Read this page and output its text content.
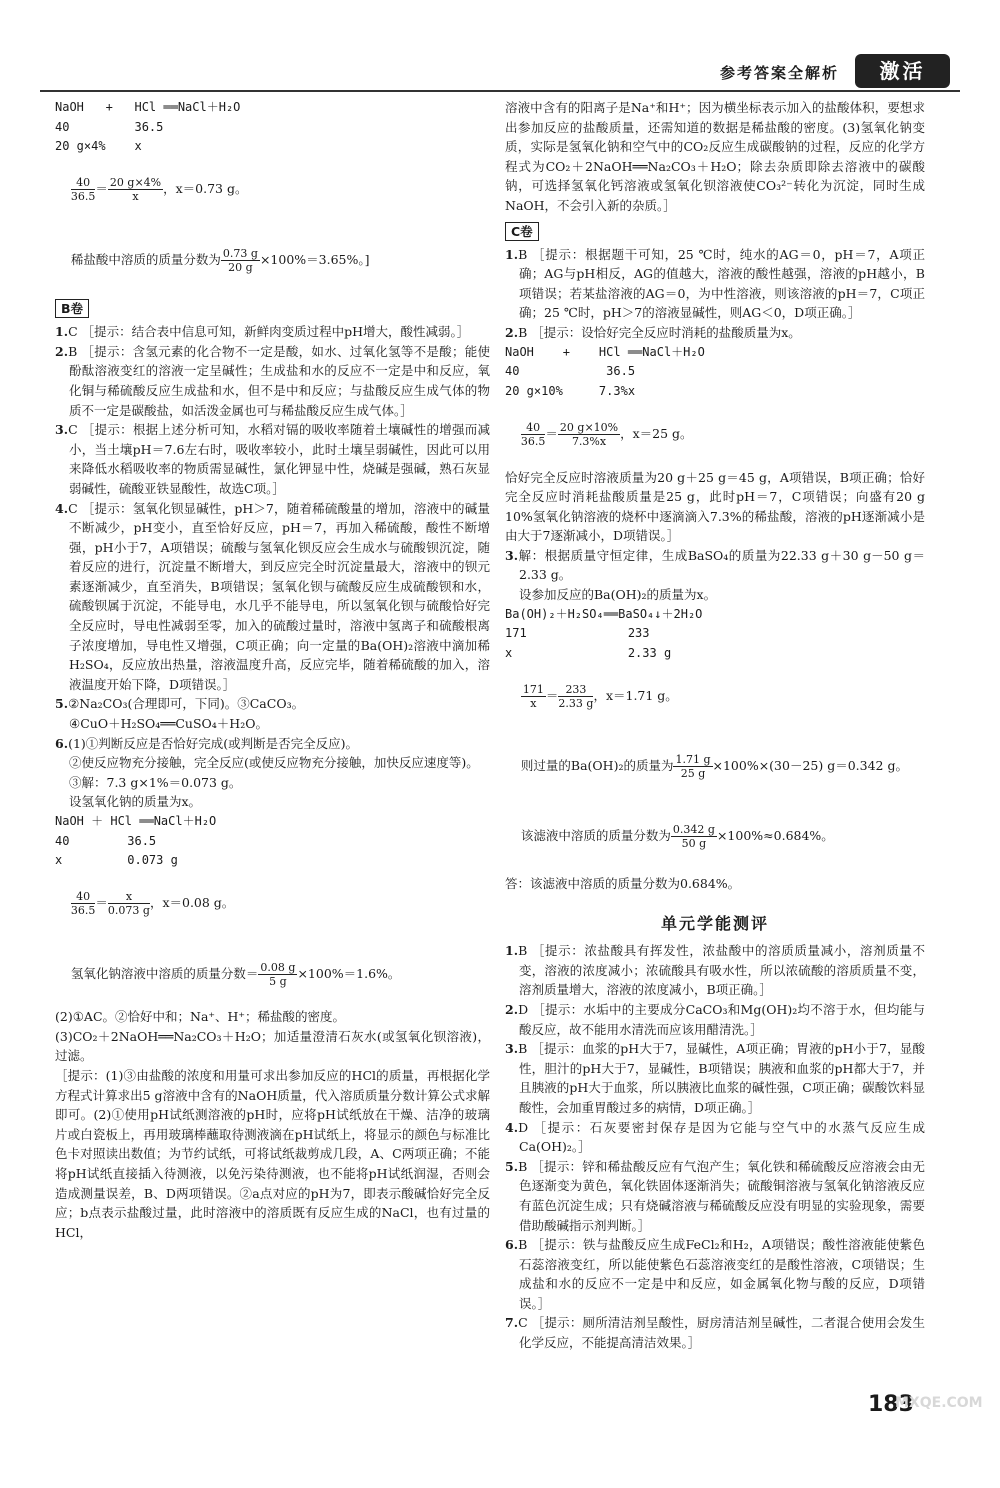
参考答案全解析	激活

NaOH   +   HCl ══NaCl＋H₂O

40         36.5

20 g×4%    x

$\frac{40}{36.5} = \frac{20 g\times 4\%}{x}$ ，x＝0.73 g。

稀盐酸中溶质的质量分数为 $\frac{0.73 g}{20 g} \times 100\%=3.65\%$。]

B卷

1.C ［提示：结合表中信息可知，新鲜肉变质过程中pH增大，酸性减弱。］

2.B ［提示：含氢元素的化合物不一定是酸，如水、过氧化氢等不是酸；能使酚酞溶液变红的溶液一定呈碱性；生成盐和水的反应不一定是中和反应，氧化铜与稀硫酸反应生成盐和水，但不是中和反应；与盐酸反应生成气体的物质不一定是碳酸盐，如活泼金属也可与稀盐酸反应生成气体。］

3.C ［提示：根据上述分析可知，水稻对镉的吸收率随着土壤碱性的增强而减小，当土壤pH＝7.6左右时，吸收率较小，此时土壤呈弱碱性，因此可以用来降低水稻吸收率的物质需显碱性，氯化钾显中性，烧碱是强碱，熟石灰显弱碱性，硫酸亚铁显酸性，故选C项。］

4.C ［提示：氢氧化钡显碱性，pH＞7，随着稀硫酸量的增加，溶液中的碱量不断减少，pH变小，直至恰好反应，pH＝7，再加入稀硫酸，酸性不断增强，pH小于7，A项错误；硫酸与氢氧化钡反应会生成水与硫酸钡沉淀，随着反应的进行，沉淀量不断增大，到反应完全时沉淀量最大，溶液中的钡元素逐渐减少，直至消失，B项错误；氢氧化钡与硫酸反应生成硫酸钡和水，硫酸钡属于沉淀，不能导电，水几乎不能导电，所以氢氧化钡与硫酸恰好完全反应时，导电性减弱至零，加入的硫酸过量时，溶液中氢离子和硫酸根离子浓度增加，导电性又增强，C项正确；向一定量的Ba(OH)₂溶液中滴加稀H₂SO₄，反应放出热量，溶液温度升高，反应完毕，随着稀硫酸的加入，溶液温度开始下降，D项错误。］

5.②Na₂CO₃(合理即可，下同)。③CaCO₃。
④CuO＋H₂SO₄══CuSO₄＋H₂O。

6.(1)①判断反应是否恰好完成(或判断是否完全反应)。
②使反应物充分接触，完全反应(或使反应物充分接触，加快反应速度等)。
③解：7.3 g×1%＝0.073 g。
设氢氧化钠的质量为x。

NaOH ＋ HCl ══NaCl＋H₂O

40        36.5

x         0.073 g

$\frac{40}{36.5} = \frac{x}{0.073 g}$ ，x＝0.08 g。

氢氧化钠溶液中溶质的质量分数＝ $\frac{0.08 g}{5 g} \times 100\%=1.6\%$。

(2)①AC。②恰好中和；Na⁺、H⁺；稀盐酸的密度。
(3)CO₂＋2NaOH══Na₂CO₃＋H₂O；加适量澄清石灰水(或氢氧化钡溶液)，过滤。
［提示：(1)③由盐酸的浓度和用量可求出参加反应的HCl的质量，再根据化学方程式计算求出5 g溶液中含有的NaOH质量，代入溶质质量分数计算公式求解即可。(2)①使用pH试纸测溶液的pH时，应将pH试纸放在干燥、洁净的玻璃片或白瓷板上，再用玻璃棒蘸取待测液滴在pH试纸上，将显示的颜色与标准比色卡对照读出数值；为节约试纸，可将试纸裁剪成几段，A、C两项正确；不能将pH试纸直接插入待测液，以免污染待测液，也不能将pH试纸润湿，否则会造成测量误差，B、D两项错误。②a点对应的pH为7，即表示酸碱恰好完全反应；b点表示盐酸过量，此时溶液中的溶质既有反应生成的NaCl，也有过量的HCl，

溶液中含有的阳离子是Na⁺和H⁺；因为横坐标表示加入的盐酸体积，要想求出参加反应的盐酸质量，还需知道的数据是稀盐酸的密度。(3)氢氧化钠变质，实际是氢氧化钠和空气中的CO₂反应生成碳酸钠的过程，反应的化学方程式为CO₂＋2NaOH══Na₂CO₃＋H₂O；除去杂质即除去溶液中的碳酸钠，可选择氢氧化钙溶液或氢氧化钡溶液使CO₃²⁻转化为沉淀，同时生成NaOH，不会引入新的杂质。］

C卷

1.B ［提示：根据题干可知，25 ℃时，纯水的AG＝0，pH＝7，A项正确；AG与pH相反，AG的值越大，溶液的酸性越强，溶液的pH越小，B项错误；若某盐溶液的AG＝0，为中性溶液，则该溶液的pH＝7，C项正确；25 ℃时，pH＞7的溶液显碱性，则AG＜0，D项正确。］

2.B ［提示：设恰好完全反应时消耗的盐酸质量为x。

NaOH    +    HCl ══NaCl＋H₂O

40            36.5

20 g×10%     7.3%x

$\frac{40}{36.5} = \frac{20 g\times 10\%}{7.3\%x}$ ，x＝25 g。

恰好完全反应时溶液质量为20 g＋25 g＝45 g，A项错误，B项正确；恰好完全反应时消耗盐酸质量是25 g，此时pH＝7，C项错误；向盛有20 g 10%氢氧化钠溶液的烧杯中逐滴滴入7.3%的稀盐酸，溶液的pH逐渐减小是由大于7逐渐减小，D项错误。］

3.解：根据质量守恒定律，生成BaSO₄的质量为22.33 g＋30 g－50 g＝2.33 g。
设参加反应的Ba(OH)₂的质量为x。

Ba(OH)₂＋H₂SO₄══BaSO₄↓＋2H₂O

171              233

x                2.33 g

$\frac{171}{x} = \frac{233}{2.33 g}$ ，x＝1.71 g。

则过量的Ba(OH)₂的质量为 $\frac{1.71 g}{25 g} \times 100\%\times(30-25)$ g＝0.342 g。

该滤液中溶质的质量分数为 $\frac{0.342 g}{50 g} \times 100\%\approx 0.684\%$。

答：该滤液中溶质的质量分数为0.684%。

单元学能测评

1.B ［提示：浓盐酸具有挥发性，浓盐酸中的溶质质量减小，溶剂质量不变，溶液的浓度减小；浓硫酸具有吸水性，所以浓硫酸的溶质质量不变，溶剂质量增大，溶液的浓度减小，B项正确。］

2.D ［提示：水垢中的主要成分CaCO₃和Mg(OH)₂均不溶于水，但均能与酸反应，故不能用水清洗而应该用醋清洗。］

3.B ［提示：血浆的pH大于7，显碱性，A项正确；胃液的pH小于7，显酸性，胆汁的pH大于7，显碱性，B项错误；胰液和血浆的pH都大于7，并且胰液的pH大于血浆，所以胰液比血浆的碱性强，C项正确；碳酸饮料显酸性，会加重胃酸过多的病情，D项正确。］

4.D ［提示：石灰要密封保存是因为它能与空气中的水蒸气反应生成Ca(OH)₂。］

5.B ［提示：锌和稀盐酸反应有气泡产生；氧化铁和稀硫酸反应溶液会由无色逐渐变为黄色，氧化铁固体逐渐消失；硫酸铜溶液与氢氧化钠溶液反应有蓝色沉淀生成；只有烧碱溶液与稀硫酸反应没有明显的实验现象，需要借助酸碱指示剂判断。］

6.B ［提示：铁与盐酸反应生成FeCl₂和H₂，A项错误；酸性溶液能使紫色石蕊溶液变红，所以能使紫色石蕊溶液变红的是酸性溶液，C项错误；生成盐和水的反应不一定是中和反应，如金属氧化物与酸的反应，D项错误。］

7.C ［提示：厕所清洁剂呈酸性，厨房清洁剂呈碱性，二者混合使用会发生化学反应，不能提高清洁效果。］

183
MXQE.COM
